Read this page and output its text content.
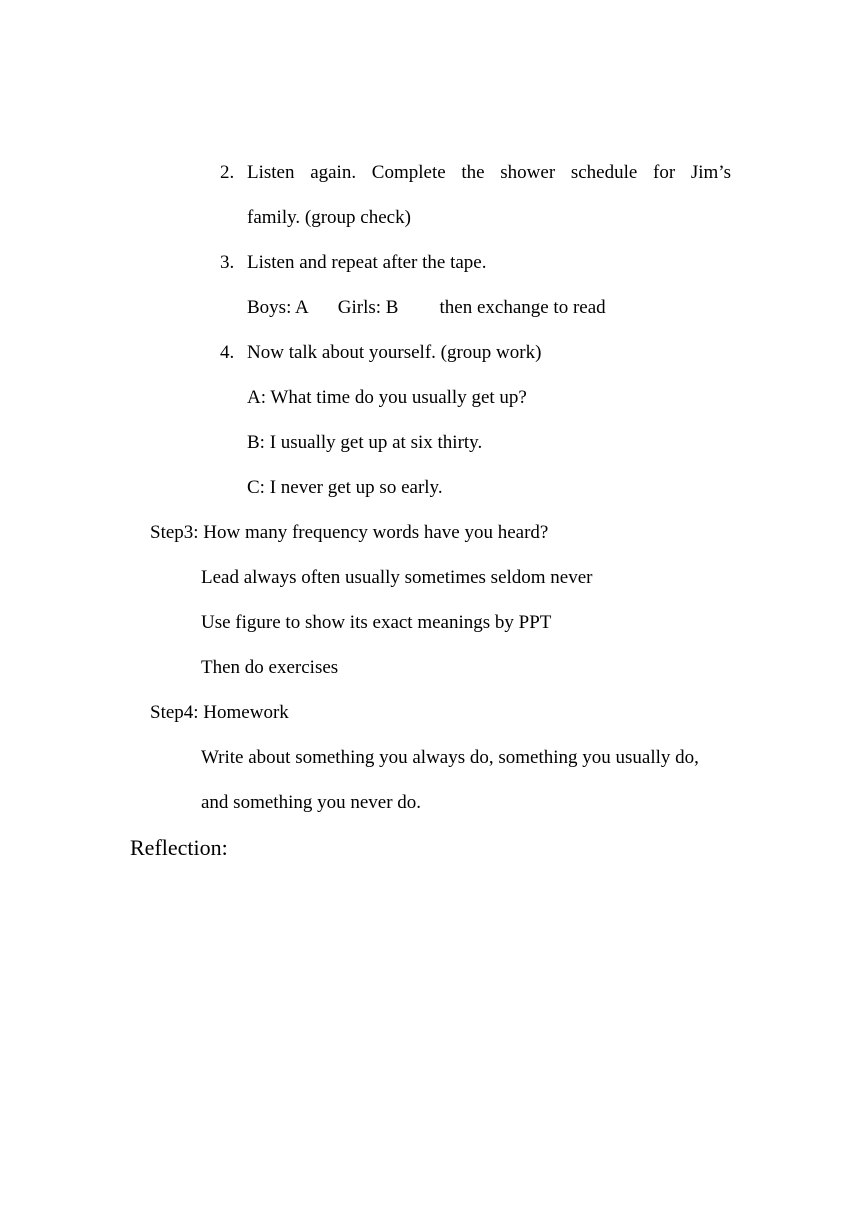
2. Listen again. Complete the shower schedule for Jim’s
family. (group check)
3. Listen and repeat after the tape.
Boys: A Girls: B then exchange to read
4. Now talk about yourself. (group work)
A: What time do you usually get up?
B: I usually get up at six thirty.
C: I never get up so early.
Step3: How many frequency words have you heard?
Lead always often usually sometimes seldom never
Use figure to show its exact meanings by PPT
Then do exercises
Step4: Homework
Write about something you always do, something you usually do,
and something you never do.
Reflection:
